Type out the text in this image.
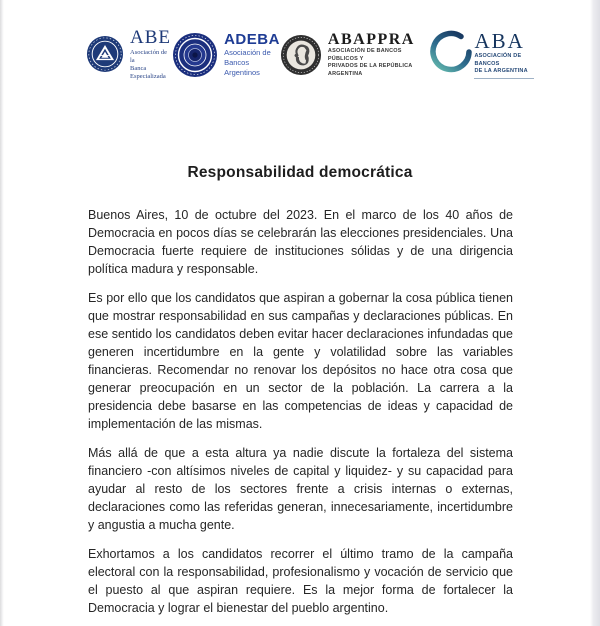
ABE
Asociación de la
Banca Especializada
ADEBA
Asociación de
Bancos Argentinos
ABAPPRA
ASOCIACIÓN DE BANCOS PÚBLICOS Y
PRIVADOS DE LA REPÚBLICA ARGENTINA
ABA
ASOCIACIÓN DE BANCOS
DE LA ARGENTINA
Responsabilidad democrática

Buenos Aires, 10 de octubre del 2023. En el marco de los 40 años de Democracia en pocos días se celebrarán las elecciones presidenciales. Una Democracia fuerte requiere de instituciones sólidas y de una dirigencia política madura y responsable.

Es por ello que los candidatos que aspiran a gobernar la cosa pública tienen que mostrar responsabilidad en sus campañas y declaraciones públicas. En ese sentido los candidatos deben evitar hacer declaraciones infundadas que generen incertidumbre en la gente y volatilidad sobre las variables financieras. Recomendar no renovar los depósitos no hace otra cosa que generar preocupación en un sector de la población. La carrera a la presidencia debe basarse en las competencias de ideas y capacidad de implementación de las mismas.

Más allá de que a esta altura ya nadie discute la fortaleza del sistema financiero -con altísimos niveles de capital y liquidez- y su capacidad para ayudar al resto de los sectores frente a crisis internas o externas, declaraciones como las referidas generan, innecesariamente, incertidumbre y angustia a mucha gente.

Exhortamos a los candidatos recorrer el último tramo de la campaña electoral con la responsabilidad, profesionalismo y vocación de servicio que el puesto al que aspiran requiere. Es la mejor forma de fortalecer la Democracia y lograr el bienestar del pueblo argentino.
